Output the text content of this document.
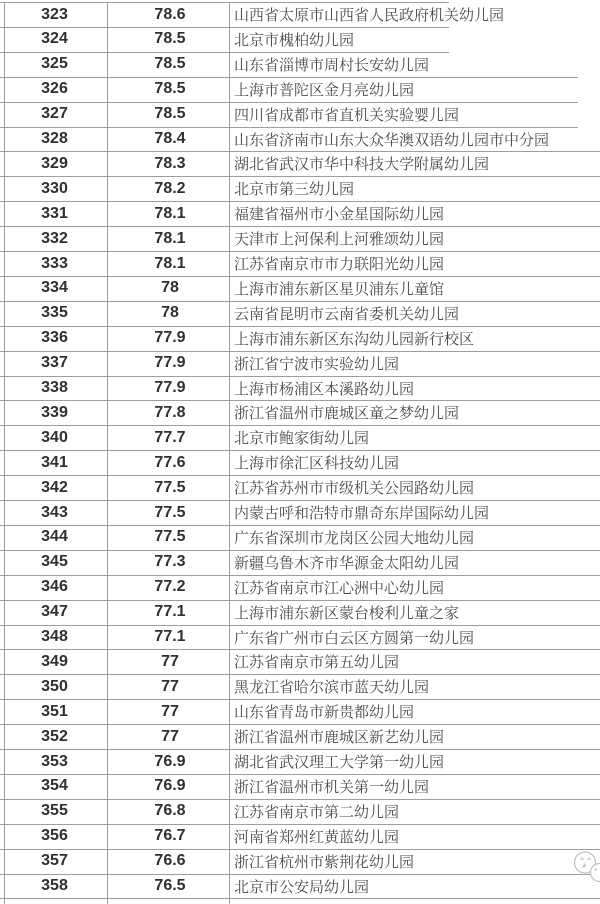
323	78.6	山西省太原市山西省人民政府机关幼儿园
324	78.5	北京市槐柏幼儿园
325	78.5	山东省淄博市周村长安幼儿园
326	78.5	上海市普陀区金月亮幼儿园
327	78.5	四川省成都市省直机关实验婴儿园
328	78.4	山东省济南市山东大众华澳双语幼儿园市中分园
329	78.3	湖北省武汉市华中科技大学附属幼儿园
330	78.2	北京市第三幼儿园
331	78.1	福建省福州市小金星国际幼儿园
332	78.1	天津市上河保利上河雅颂幼儿园
333	78.1	江苏省南京市市力联阳光幼儿园
334	78	上海市浦东新区星贝浦东儿童馆
335	78	云南省昆明市云南省委机关幼儿园
336	77.9	上海市浦东新区东沟幼儿园新行校区
337	77.9	浙江省宁波市实验幼儿园
338	77.9	上海市杨浦区本溪路幼儿园
339	77.8	浙江省温州市鹿城区童之梦幼儿园
340	77.7	北京市鲍家街幼儿园
341	77.6	上海市徐汇区科技幼儿园
342	77.5	江苏省苏州市市级机关公园路幼儿园
343	77.5	内蒙古呼和浩特市鼎奇东岸国际幼儿园
344	77.5	广东省深圳市龙岗区公园大地幼儿园
345	77.3	新疆乌鲁木齐市华源金太阳幼儿园
346	77.2	江苏省南京市江心洲中心幼儿园
347	77.1	上海市浦东新区蒙台梭利儿童之家
348	77.1	广东省广州市白云区方圆第一幼儿园
349	77	江苏省南京市第五幼儿园
350	77	黑龙江省哈尔滨市蓝天幼儿园
351	77	山东省青岛市新贵都幼儿园
352	77	浙江省温州市鹿城区新艺幼儿园
353	76.9	湖北省武汉理工大学第一幼儿园
354	76.9	浙江省温州市机关第一幼儿园
355	76.8	江苏省南京市第二幼儿园
356	76.7	河南省郑州红黄蓝幼儿园
357	76.6	浙江省杭州市紫荆花幼儿园
358	76.5	北京市公安局幼儿园
